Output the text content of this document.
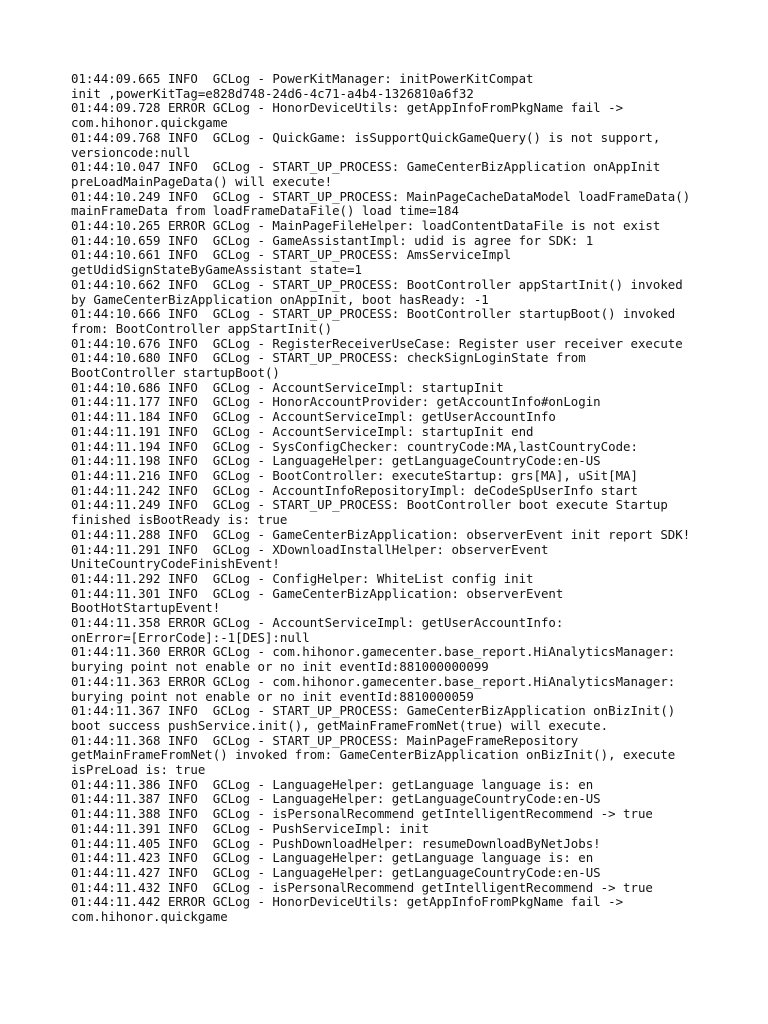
01:44:09.665 INFO  GCLog - PowerKitManager: initPowerKitCompat
init ,powerKitTag=e828d748-24d6-4c71-a4b4-1326810a6f32
01:44:09.728 ERROR GCLog - HonorDeviceUtils: getAppInfoFromPkgName fail ->
com.hihonor.quickgame
01:44:09.768 INFO  GCLog - QuickGame: isSupportQuickGameQuery() is not support,
versioncode:null
01:44:10.047 INFO  GCLog - START_UP_PROCESS: GameCenterBizApplication onAppInit
preLoadMainPageData() will execute!
01:44:10.249 INFO  GCLog - START_UP_PROCESS: MainPageCacheDataModel loadFrameData()
mainFrameData from loadFrameDataFile() load time=184
01:44:10.265 ERROR GCLog - MainPageFileHelper: loadContentDataFile is not exist
01:44:10.659 INFO  GCLog - GameAssistantImpl: udid is agree for SDK: 1
01:44:10.661 INFO  GCLog - START_UP_PROCESS: AmsServiceImpl
getUdidSignStateByGameAssistant state=1
01:44:10.662 INFO  GCLog - START_UP_PROCESS: BootController appStartInit() invoked
by GameCenterBizApplication onAppInit, boot hasReady: -1
01:44:10.666 INFO  GCLog - START_UP_PROCESS: BootController startupBoot() invoked
from: BootController appStartInit()
01:44:10.676 INFO  GCLog - RegisterReceiverUseCase: Register user receiver execute
01:44:10.680 INFO  GCLog - START_UP_PROCESS: checkSignLoginState from
BootController startupBoot()
01:44:10.686 INFO  GCLog - AccountServiceImpl: startupInit
01:44:11.177 INFO  GCLog - HonorAccountProvider: getAccountInfo#onLogin
01:44:11.184 INFO  GCLog - AccountServiceImpl: getUserAccountInfo
01:44:11.191 INFO  GCLog - AccountServiceImpl: startupInit end
01:44:11.194 INFO  GCLog - SysConfigChecker: countryCode:MA,lastCountryCode:
01:44:11.198 INFO  GCLog - LanguageHelper: getLanguageCountryCode:en-US
01:44:11.216 INFO  GCLog - BootController: executeStartup: grs[MA], uSit[MA]
01:44:11.242 INFO  GCLog - AccountInfoRepositoryImpl: deCodeSpUserInfo start
01:44:11.249 INFO  GCLog - START_UP_PROCESS: BootController boot execute Startup
finished isBootReady is: true
01:44:11.288 INFO  GCLog - GameCenterBizApplication: observerEvent init report SDK!
01:44:11.291 INFO  GCLog - XDownloadInstallHelper: observerEvent
UniteCountryCodeFinishEvent!
01:44:11.292 INFO  GCLog - ConfigHelper: WhiteList config init
01:44:11.301 INFO  GCLog - GameCenterBizApplication: observerEvent
BootHotStartupEvent!
01:44:11.358 ERROR GCLog - AccountServiceImpl: getUserAccountInfo:
onError=[ErrorCode]:-1[DES]:null
01:44:11.360 ERROR GCLog - com.hihonor.gamecenter.base_report.HiAnalyticsManager:
burying point not enable or no init eventId:881000000099
01:44:11.363 ERROR GCLog - com.hihonor.gamecenter.base_report.HiAnalyticsManager:
burying point not enable or no init eventId:8810000059
01:44:11.367 INFO  GCLog - START_UP_PROCESS: GameCenterBizApplication onBizInit()
boot success pushService.init(), getMainFrameFromNet(true) will execute.
01:44:11.368 INFO  GCLog - START_UP_PROCESS: MainPageFrameRepository
getMainFrameFromNet() invoked from: GameCenterBizApplication onBizInit(), execute
isPreLoad is: true
01:44:11.386 INFO  GCLog - LanguageHelper: getLanguage language is: en
01:44:11.387 INFO  GCLog - LanguageHelper: getLanguageCountryCode:en-US
01:44:11.388 INFO  GCLog - isPersonalRecommend getIntelligentRecommend -> true
01:44:11.391 INFO  GCLog - PushServiceImpl: init
01:44:11.405 INFO  GCLog - PushDownloadHelper: resumeDownloadByNetJobs!
01:44:11.423 INFO  GCLog - LanguageHelper: getLanguage language is: en
01:44:11.427 INFO  GCLog - LanguageHelper: getLanguageCountryCode:en-US
01:44:11.432 INFO  GCLog - isPersonalRecommend getIntelligentRecommend -> true
01:44:11.442 ERROR GCLog - HonorDeviceUtils: getAppInfoFromPkgName fail ->
com.hihonor.quickgame
